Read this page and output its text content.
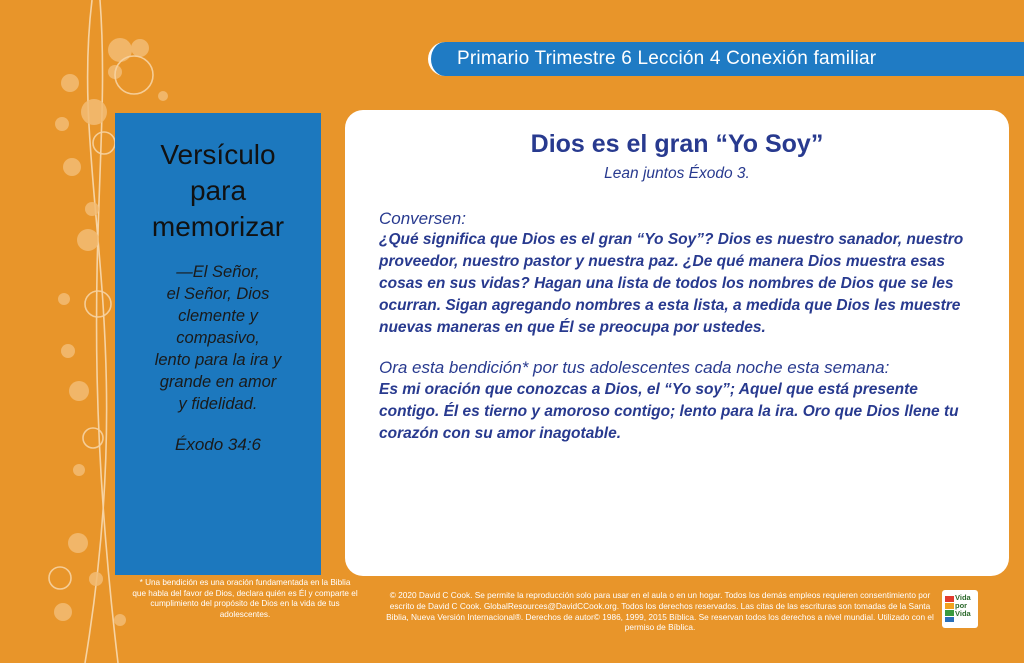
Primario Trimestre 6 Lección 4 Conexión familiar
Versículo
para
memorizar
—El Señor,
el Señor, Dios
clemente y
compasivo,
lento para la ira y
grande en amor
y fidelidad.
Éxodo 34:6
* Una bendición es una oración fundamentada en la Biblia que habla del favor de Dios, declara quién es Él y comparte el cumplimiento del propósito de Dios en la vida de tus adolescentes.
Dios es el gran “Yo Soy”
Lean juntos Éxodo 3.
Conversen:
¿Qué significa que Dios es el gran “Yo Soy”? Dios es nuestro sanador, nuestro proveedor, nuestro pastor y nuestra paz. ¿De qué manera Dios muestra esas cosas en sus vidas? Hagan una lista de todos los nombres de Dios que se les ocurran. Sigan agregando nombres a esta lista, a medida que Dios les muestre nuevas maneras en que Él se preocupa por ustedes.
Ora esta bendición* por tus adolescentes cada noche esta semana:
Es mi oración que conozcas a Dios, el “Yo soy”; Aquel que está presente contigo. Él es tierno y amoroso contigo; lento para la ira. Oro que Dios llene tu corazón con su amor inagotable.
© 2020 David C Cook. Se permite la reproducción solo para usar en el aula o en un hogar. Todos los demás empleos requieren consentimiento por escrito de David C Cook. GlobalResources@DavidCCook.org. Todos los derechos reservados. Las citas de las escrituras son tomadas de la Santa Biblia, Nueva Versión Internacional®. Derechos de autor© 1986, 1999, 2015 Bíblica. Se reservan todos los derechos a nivel mundial. Utilizado con el permiso de Bíblica.
Vida
por
Vida
